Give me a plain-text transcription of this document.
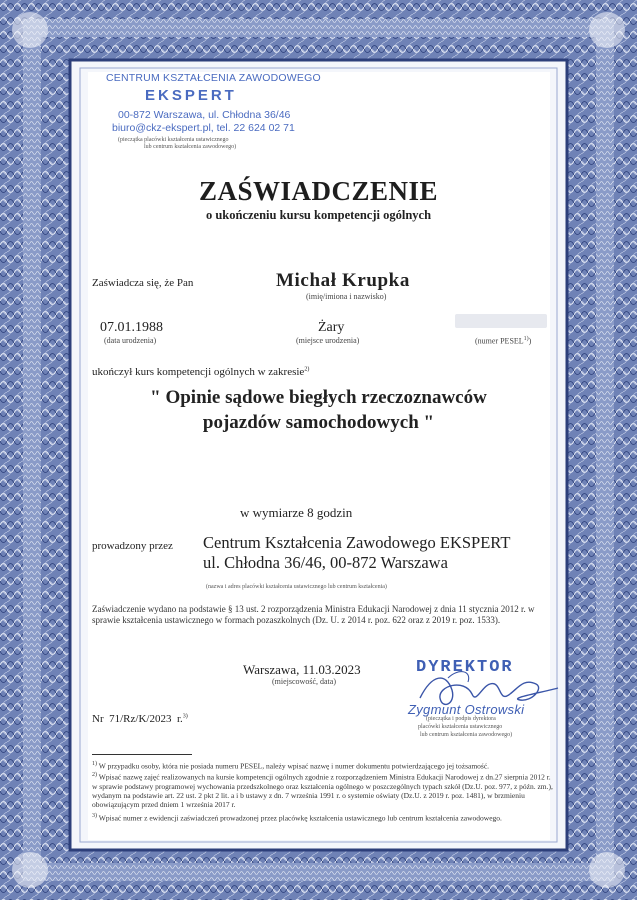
CENTRUM KSZTAŁCENIA ZAWODOWEGO
EKSPERT
00-872 Warszawa, ul. Chłodna 36/46
biuro@ckz-ekspert.pl, tel. 22 624 02 71
(pieczątka placówki kształcenia ustawicznego
lub centrum kształcenia zawodowego)
ZAŚWIADCZENIE
o ukończeniu kursu kompetencji ogólnych
Zaświadcza się, że Pan	Michał Krupka
(imię/imiona i nazwisko)
07.01.1988
(data urodzenia)
Żary
(miejsce urodzenia)	(numer PESEL$^{1)}$)
ukończył kurs kompetencji ogólnych w zakresie$^{2)}$
" Opinie sądowe biegłych rzeczoznawców
pojazdów samochodowych "
w wymiarze 8 godzin
prowadzony przez Centrum Kształcenia Zawodowego EKSPERT
ul. Chłodna 36/46, 00-872 Warszawa
(nazwa i adres placówki kształcenia ustawicznego lub centrum kształcenia)
Zaświadczenie wydano na podstawie § 13 ust. 2 rozporządzenia Ministra Edukacji Narodowej z dnia 11 stycznia 2012 r. w sprawie kształcenia ustawicznego w formach pozaszkolnych (Dz. U. z 2014 r. poz. 622 oraz z 2019 r. poz. 1533).
Warszawa, 11.03.2023
(miejscowość, data)
Nr 71/Rz/K/2023 r.$^{3)}$
DYREKTOR
Zygmunt Ostrowski
(pieczątka i podpis dyrektora
placówki kształcenia ustawicznego
lub centrum kształcenia zawodowego)
$^{1)}$ W przypadku osoby, która nie posiada numeru PESEL, należy wpisać nazwę i numer dokumentu potwierdzającego jej tożsamość.
$^{2)}$ Wpisać nazwę zajęć realizowanych na kursie kompetencji ogólnych zgodnie z rozporządzeniem Ministra Edukacji Narodowej z dn.27 sierpnia 2012 r. w sprawie podstawy programowej wychowania przedszkolnego oraz kształcenia ogólnego w poszczególnych typach szkół (Dz.U. poz. 977, z późn. zm.), wydanym na podstawie art. 22 ust. 2 pkt 2 lit. a i b ustawy z dn. 7 września 1991 r. o systemie oświaty (Dz.U. z 2019 r. poz. 1481), w brzmieniu obowiązującym przed dniem 1 września 2017 r.
$^{3)}$ Wpisać numer z ewidencji zaświadczeń prowadzonej przez placówkę kształcenia ustawicznego lub centrum kształcenia zawodowego.
